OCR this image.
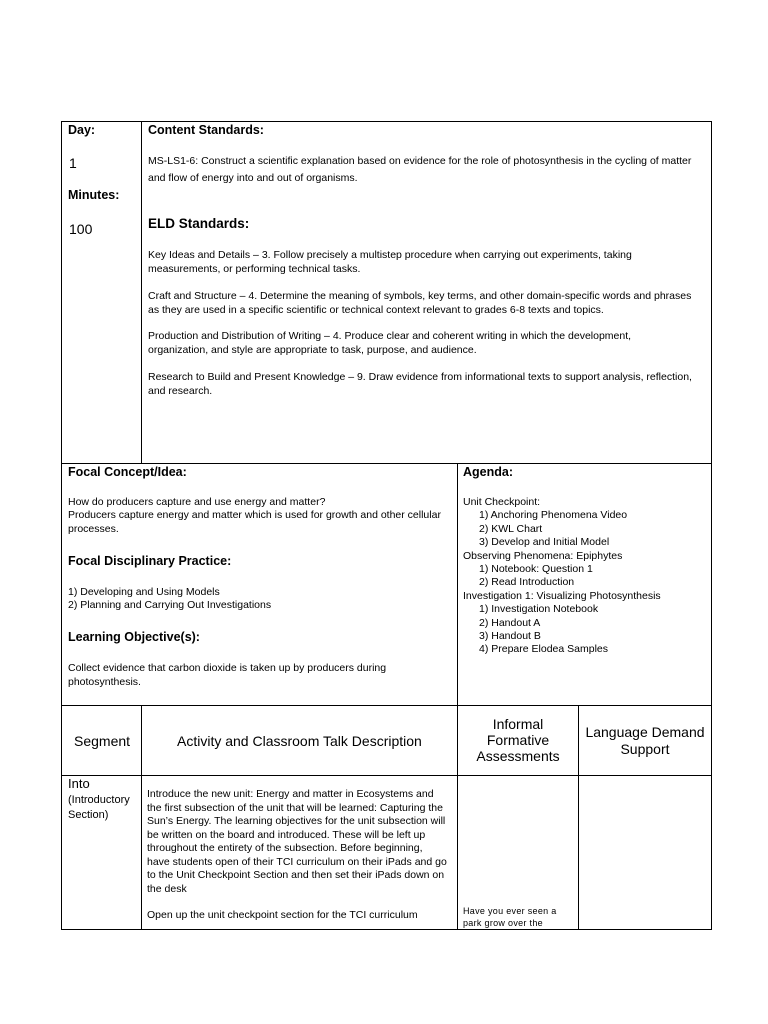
Day:
1
Minutes:
100
Content Standards:
MS-LS1-6: Construct a scientific explanation based on evidence for the role of photosynthesis in the cycling of matter and flow of energy into and out of organisms.
ELD Standards:
Key Ideas and Details – 3. Follow precisely a multistep procedure when carrying out experiments, taking measurements, or performing technical tasks.
Craft and Structure – 4. Determine the meaning of symbols, key terms, and other domain-specific words and phrases as they are used in a specific scientific or technical context relevant to grades 6-8 texts and topics.
Production and Distribution of Writing – 4. Produce clear and coherent writing in which the development, organization, and style are appropriate to task, purpose, and audience.
Research to Build and Present Knowledge – 9. Draw evidence from informational texts to support analysis, reflection, and research.
Focal Concept/Idea:
How do producers capture and use energy and matter?
Producers capture energy and matter which is used for growth and other cellular processes.
Focal Disciplinary Practice:
1) Developing and Using Models
2) Planning and Carrying Out Investigations
Learning Objective(s):
Collect evidence that carbon dioxide is taken up by producers during photosynthesis.
Agenda:
Unit Checkpoint:
1) Anchoring Phenomena Video
2) KWL Chart
3) Develop and Initial Model
Observing Phenomena: Epiphytes
1) Notebook: Question 1
2) Read Introduction
Investigation 1: Visualizing Photosynthesis
1) Investigation Notebook
2) Handout A
3) Handout B
4) Prepare Elodea Samples
Segment	Activity and Classroom Talk Description
Informal Formative Assessments
Language Demand Support
Into
(Introductory Section)
Introduce the new unit: Energy and matter in Ecosystems and the first subsection of the unit that will be learned: Capturing the Sun’s Energy. The learning objectives for the unit subsection will be written on the board and introduced. These will be left up throughout the entirety of the subsection. Before beginning, have students open of their TCI curriculum on their iPads and go to the Unit Checkpoint Section and then set their iPads down on the desk
Open up the unit checkpoint section for the TCI curriculum	Have you ever seen a park grow over the
